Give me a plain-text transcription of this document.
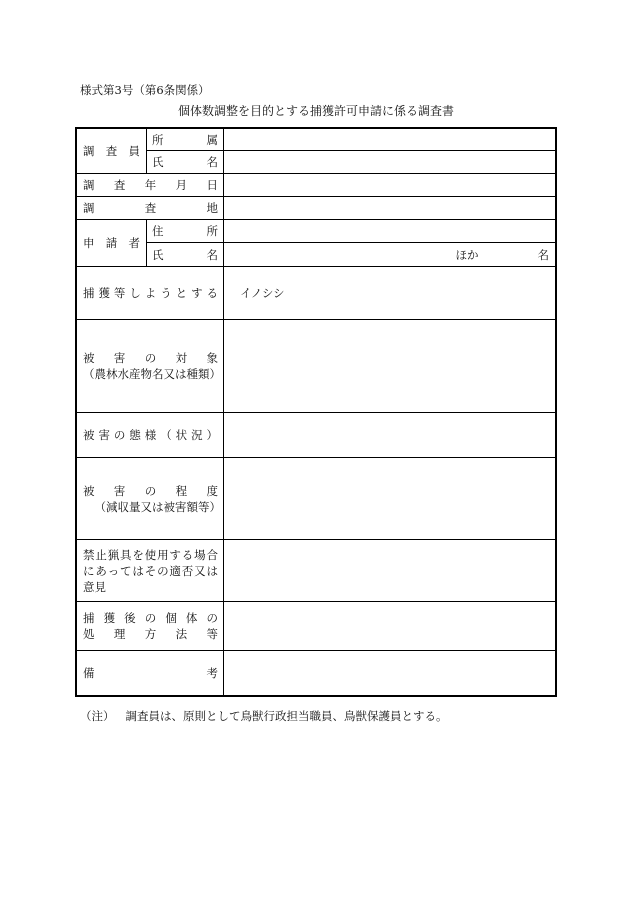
様式第3号（第6条関係）
個体数調整を目的とする捕獲許可申請に係る調査書
調 査 員
所	属
氏	名
調 査 年 月 日
調	査	地
申 請 者
住	所
氏	名	ほか	名
捕 獲 等 し よ う と す る	イノシシ
被 害 の 対 象
（農林水産物名又は種類）
被 害 の 態 様 （ 状 況 ）
被 害 の 程 度
（減収量又は被害額等）
禁 止 猟 具 を 使 用 す る 場 合
に あ っ て は そ の 適 否 又 は
意見
捕 獲 後 の 個 体 の
処 理 方 法 等
備	考
（注） 調査員は、原則として鳥獣行政担当職員、鳥獣保護員とする。
